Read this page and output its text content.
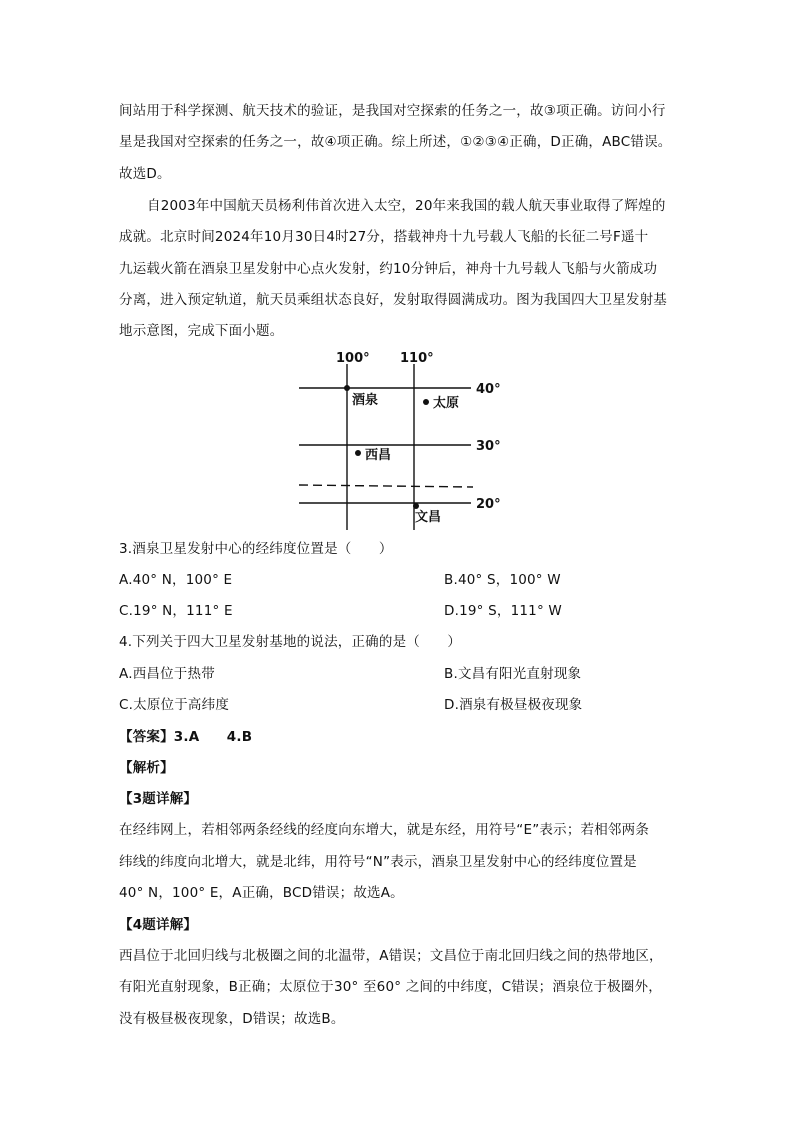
间站用于科学探测、航天技术的验证，是我国对空探索的任务之一，故③项正确。访问小行
星是我国对空探索的任务之一，故④项正确。综上所述，①②③④正确，D正确，ABC错误。
故选D。
自2003年中国航天员杨利伟首次进入太空，20年来我国的载人航天事业取得了辉煌的
成就。北京时间2024年10月30日4时27分，搭载神舟十九号载人飞船的长征二号F遥十
九运载火箭在酒泉卫星发射中心点火发射，约10分钟后，神舟十九号载人飞船与火箭成功
分离，进入预定轨道，航天员乘组状态良好，发射取得圆满成功。图为我国四大卫星发射基
地示意图，完成下面小题。
100° 110°
40°
30°
20°
酒泉	太原
西昌
文昌
3.酒泉卫星发射中心的经纬度位置是（　　）
A.40° N，100° E	B.40° S，100° W
C.19° N，111° E	D.19° S，111° W
4.下列关于四大卫星发射基地的说法，正确的是（　　）
A.西昌位于热带	B.文昌有阳光直射现象
C.太原位于高纬度	D.酒泉有极昼极夜现象
【答案】3.A　　4.B
【解析】
【3题详解】
在经纬网上，若相邻两条经线的经度向东增大，就是东经，用符号“E”表示；若相邻两条
纬线的纬度向北增大，就是北纬，用符号“N”表示，酒泉卫星发射中心的经纬度位置是
40° N，100° E，A正确，BCD错误；故选A。
【4题详解】
西昌位于北回归线与北极圈之间的北温带，A错误；文昌位于南北回归线之间的热带地区，
有阳光直射现象，B正确；太原位于30° 至60° 之间的中纬度，C错误；酒泉位于极圈外，
没有极昼极夜现象，D错误；故选B。
